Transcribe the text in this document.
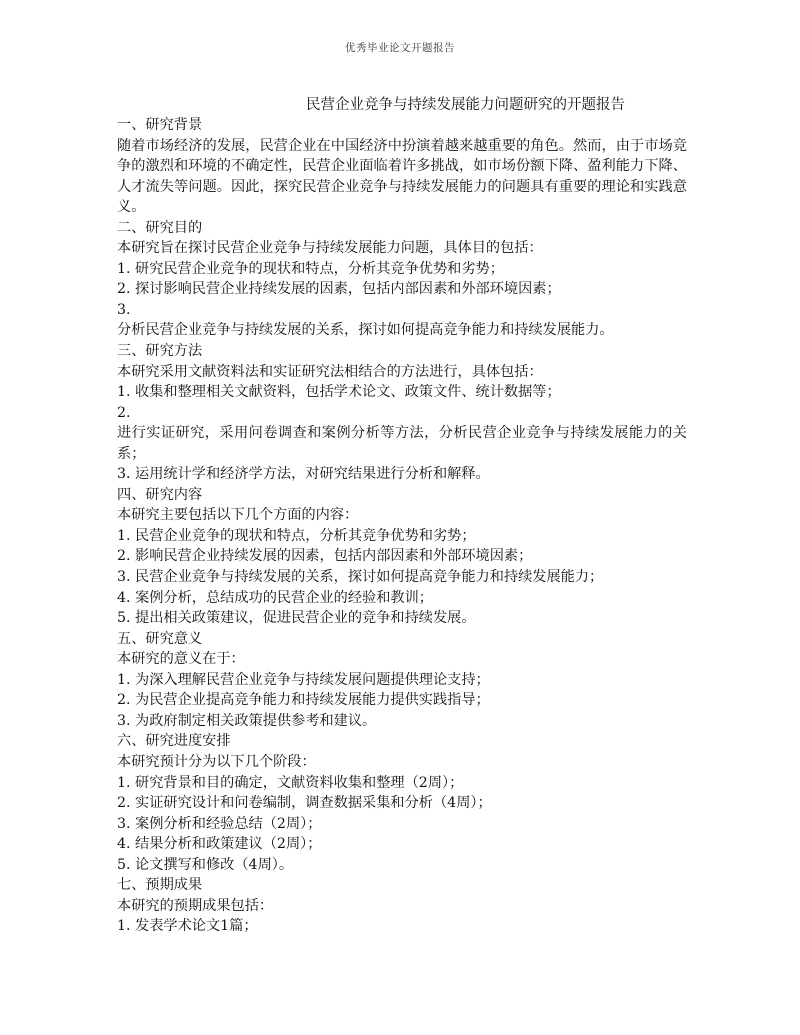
优秀毕业论文开题报告
民营企业竞争与持续发展能力问题研究的开题报告
一、研究背景
随着市场经济的发展，民营企业在中国经济中扮演着越来越重要的角色。然而，由于市场竞争的激烈和环境的不确定性，民营企业面临着许多挑战，如市场份额下降、盈利能力下降、人才流失等问题。因此，探究民营企业竞争与持续发展能力的问题具有重要的理论和实践意义。
二、研究目的
本研究旨在探讨民营企业竞争与持续发展能力问题，具体目的包括：
1. 研究民营企业竞争的现状和特点，分析其竞争优势和劣势；
2. 探讨影响民营企业持续发展的因素，包括内部因素和外部环境因素；
3.
分析民营企业竞争与持续发展的关系，探讨如何提高竞争能力和持续发展能力。
三、研究方法
本研究采用文献资料法和实证研究法相结合的方法进行，具体包括：
1. 收集和整理相关文献资料，包括学术论文、政策文件、统计数据等；
2.
进行实证研究，采用问卷调查和案例分析等方法，分析民营企业竞争与持续发展能力的关系；
3. 运用统计学和经济学方法，对研究结果进行分析和解释。
四、研究内容
本研究主要包括以下几个方面的内容：
1. 民营企业竞争的现状和特点，分析其竞争优势和劣势；
2. 影响民营企业持续发展的因素，包括内部因素和外部环境因素；
3. 民营企业竞争与持续发展的关系，探讨如何提高竞争能力和持续发展能力；
4. 案例分析，总结成功的民营企业的经验和教训；
5. 提出相关政策建议，促进民营企业的竞争和持续发展。
五、研究意义
本研究的意义在于：
1. 为深入理解民营企业竞争与持续发展问题提供理论支持；
2. 为民营企业提高竞争能力和持续发展能力提供实践指导；
3. 为政府制定相关政策提供参考和建议。
六、研究进度安排
本研究预计分为以下几个阶段：
1. 研究背景和目的确定，文献资料收集和整理（2周）；
2. 实证研究设计和问卷编制，调查数据采集和分析（4周）；
3. 案例分析和经验总结（2周）；
4. 结果分析和政策建议（2周）；
5. 论文撰写和修改（4周）。
七、预期成果
本研究的预期成果包括：
1. 发表学术论文1篇；
